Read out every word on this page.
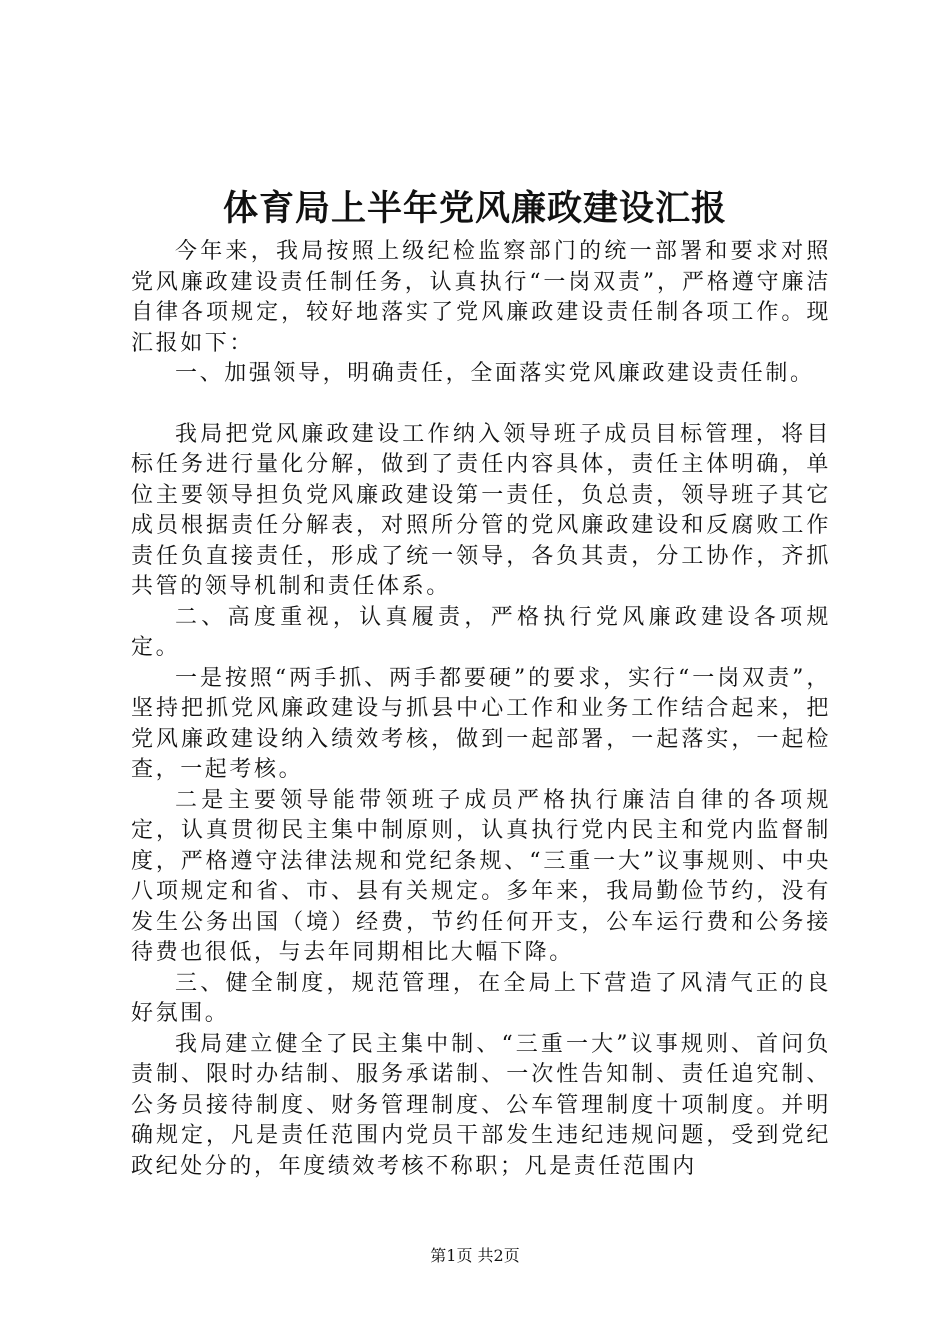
体育局上半年党风廉政建设汇报

今年来，我局按照上级纪检监察部门的统一部署和要求对照党风廉政建设责任制任务，认真执行“一岗双责”，严格遵守廉洁自律各项规定，较好地落实了党风廉政建设责任制各项工作。现汇报如下：

一、加强领导，明确责任，全面落实党风廉政建设责任制。

我局把党风廉政建设工作纳入领导班子成员目标管理，将目标任务进行量化分解，做到了责任内容具体，责任主体明确，单位主要领导担负党风廉政建设第一责任，负总责，领导班子其它成员根据责任分解表，对照所分管的党风廉政建设和反腐败工作责任负直接责任，形成了统一领导，各负其责，分工协作，齐抓共管的领导机制和责任体系。

二、高度重视，认真履责，严格执行党风廉政建设各项规定。

一是按照“两手抓、两手都要硬”的要求，实行“一岗双责”，坚持把抓党风廉政建设与抓县中心工作和业务工作结合起来，把党风廉政建设纳入绩效考核，做到一起部署，一起落实，一起检查，一起考核。

二是主要领导能带领班子成员严格执行廉洁自律的各项规定，认真贯彻民主集中制原则，认真执行党内民主和党内监督制度，严格遵守法律法规和党纪条规、“三重一大”议事规则、中央八项规定和省、市、县有关规定。多年来，我局勤俭节约，没有发生公务出国（境）经费，节约任何开支，公车运行费和公务接待费也很低，与去年同期相比大幅下降。

三、健全制度，规范管理，在全局上下营造了风清气正的良好氛围。

我局建立健全了民主集中制、“三重一大”议事规则、首问负责制、限时办结制、服务承诺制、一次性告知制、责任追究制、公务员接待制度、财务管理制度、公车管理制度十项制度。并明确规定，凡是责任范围内党员干部发生违纪违规问题，受到党纪政纪处分的，年度绩效考核不称职；凡是责任范围内

第1页 共2页
